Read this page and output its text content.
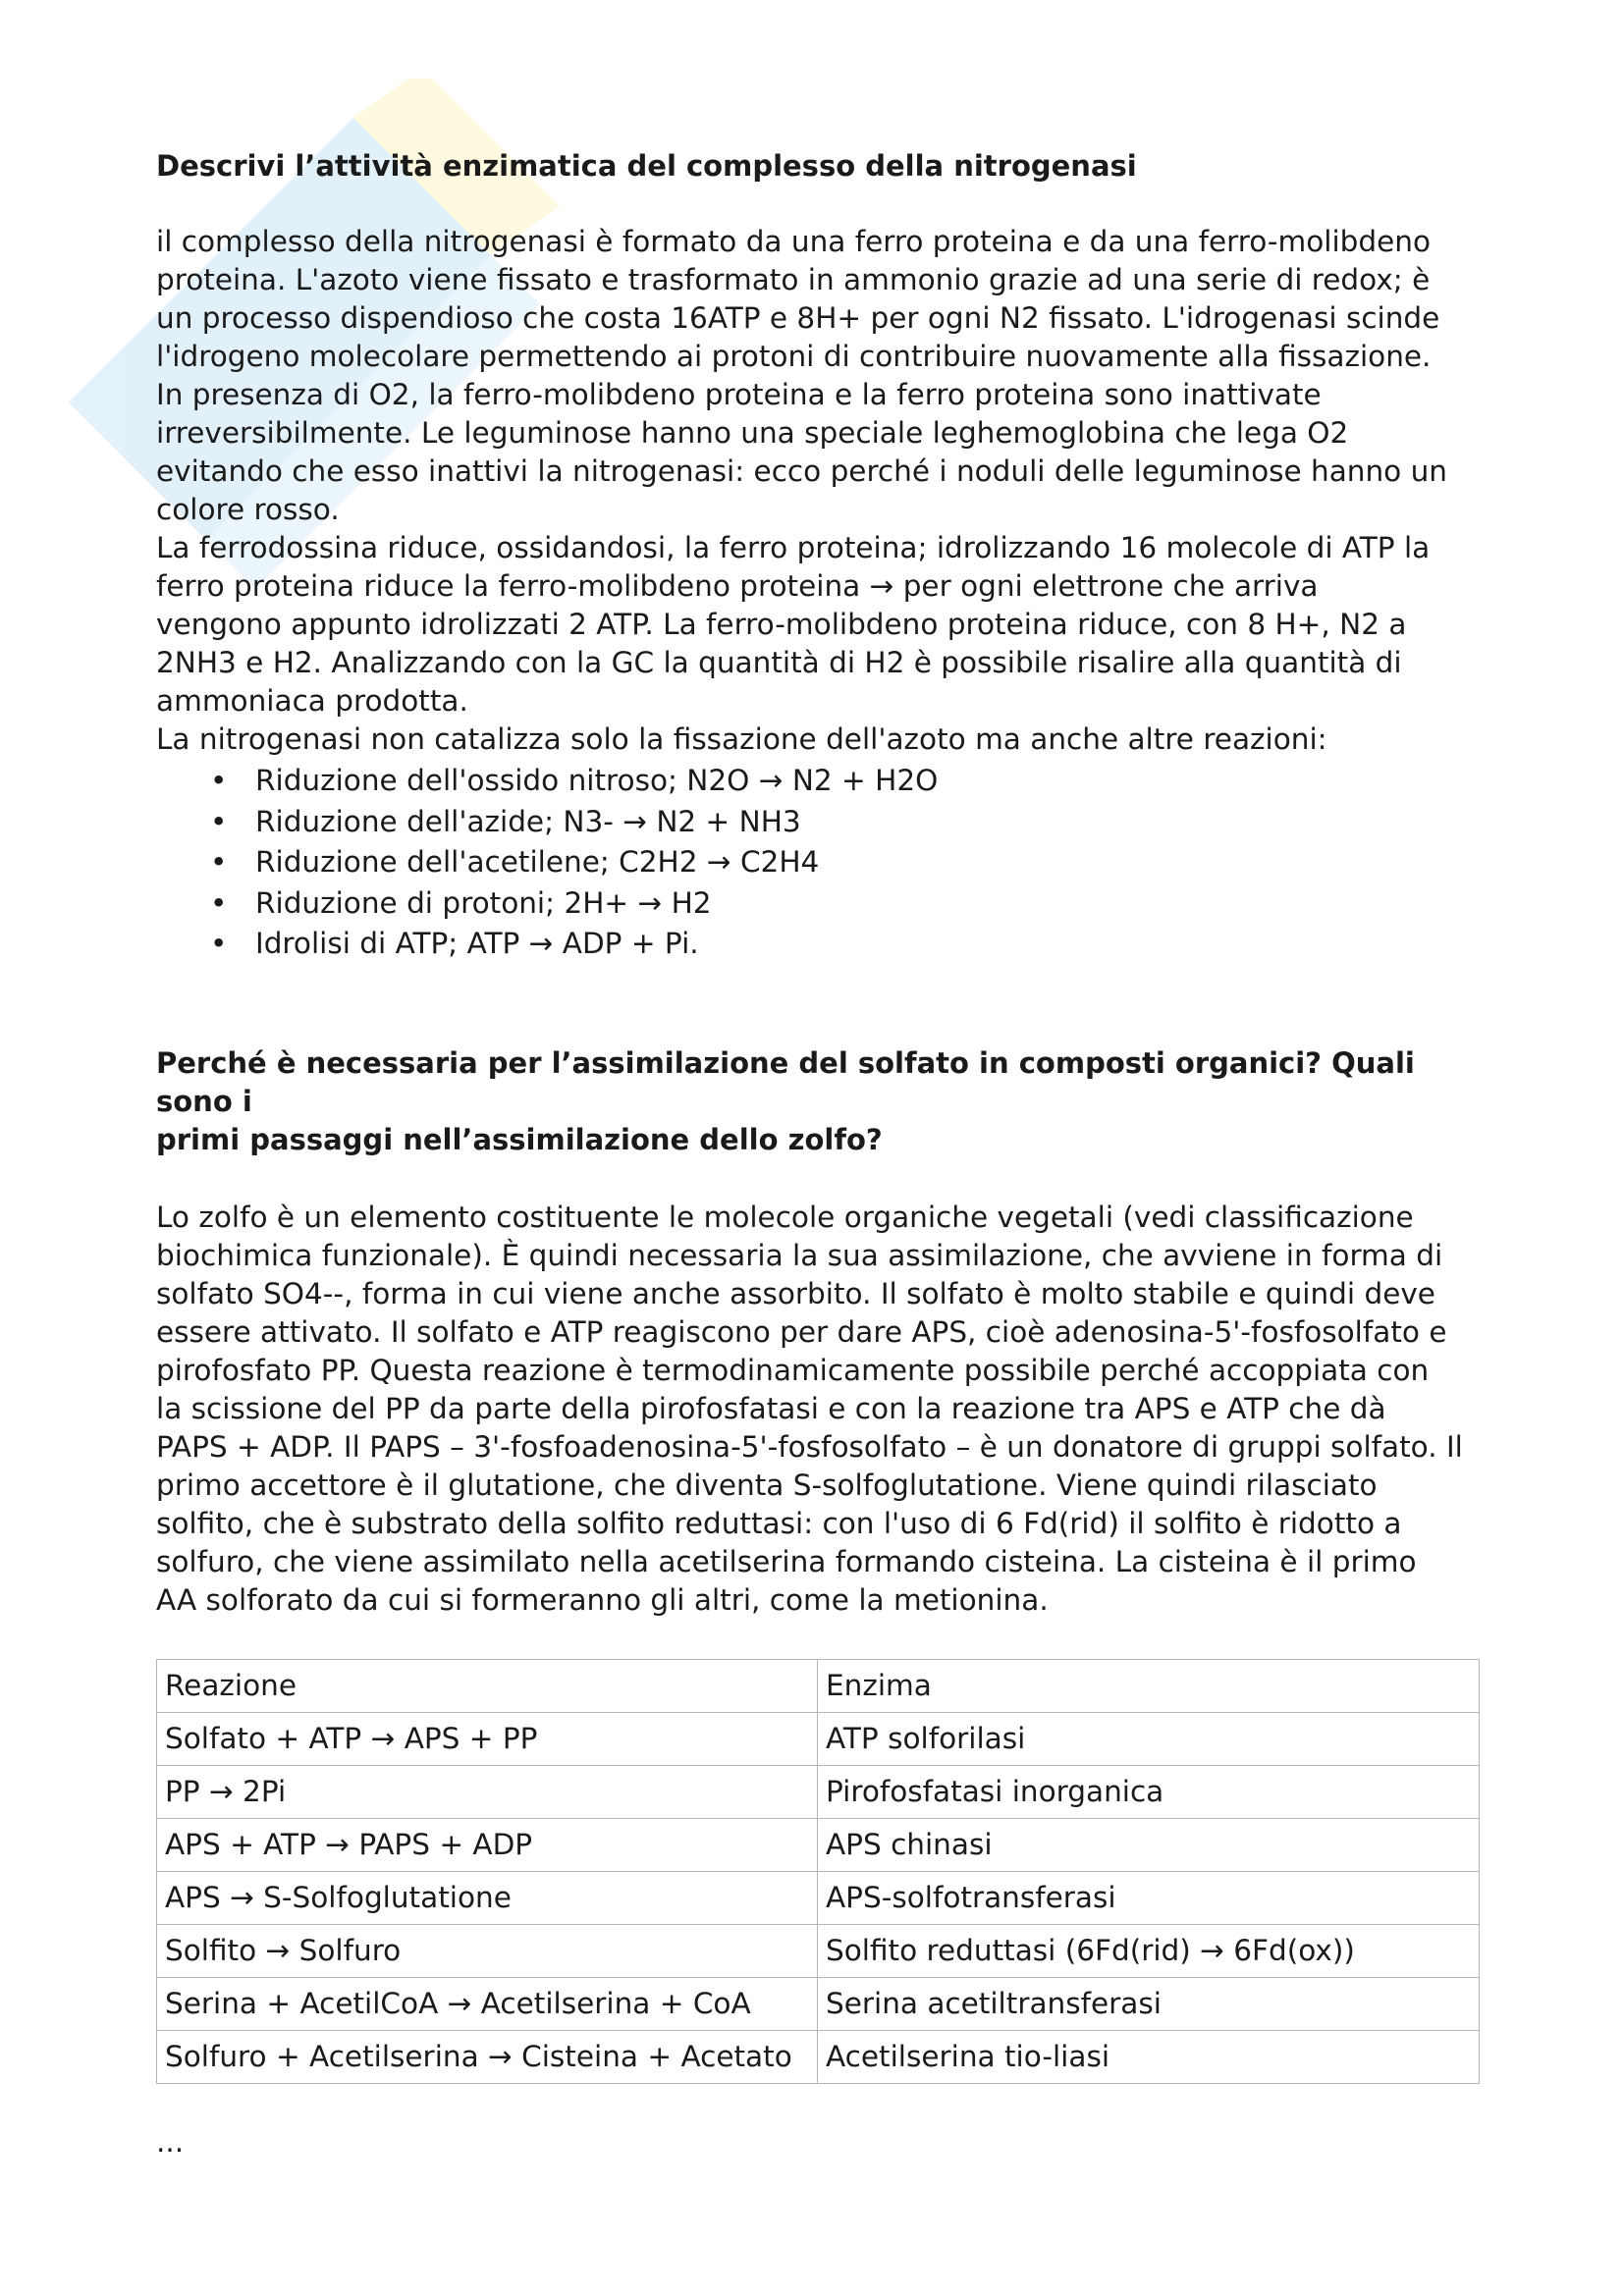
Descrivi l’attività enzimatica del complesso della nitrogenasi
il complesso della nitrogenasi è formato da una ferro proteina e da una ferro-molibdeno
proteina. L'azoto viene fissato e trasformato in ammonio grazie ad una serie di redox; è
un processo dispendioso che costa 16ATP e 8H+ per ogni N2 fissato. L'idrogenasi scinde
l'idrogeno molecolare permettendo ai protoni di contribuire nuovamente alla fissazione.
In presenza di O2, la ferro-molibdeno proteina e la ferro proteina sono inattivate
irreversibilmente. Le leguminose hanno una speciale leghemoglobina che lega O2
evitando che esso inattivi la nitrogenasi: ecco perché i noduli delle leguminose hanno un
colore rosso.
La ferrodossina riduce, ossidandosi, la ferro proteina; idrolizzando 16 molecole di ATP la
ferro proteina riduce la ferro-molibdeno proteina → per ogni elettrone che arriva
vengono appunto idrolizzati 2 ATP. La ferro-molibdeno proteina riduce, con 8 H+, N2 a
2NH3 e H2. Analizzando con la GC la quantità di H2 è possibile risalire alla quantità di
ammoniaca prodotta.
La nitrogenasi non catalizza solo la fissazione dell'azoto ma anche altre reazioni:
• Riduzione dell'ossido nitroso; N2O → N2 + H2O
• Riduzione dell'azide; N3- → N2 + NH3
• Riduzione dell'acetilene; C2H2 → C2H4
• Riduzione di protoni; 2H+ → H2
• Idrolisi di ATP; ATP → ADP + Pi.
Perché è necessaria per l’assimilazione del solfato in composti organici? Quali sono i
primi passaggi nell’assimilazione dello zolfo?
Lo zolfo è un elemento costituente le molecole organiche vegetali (vedi classificazione
biochimica funzionale). È quindi necessaria la sua assimilazione, che avviene in forma di
solfato SO4--, forma in cui viene anche assorbito. Il solfato è molto stabile e quindi deve
essere attivato. Il solfato e ATP reagiscono per dare APS, cioè adenosina-5'-fosfosolfato e
pirofosfato PP. Questa reazione è termodinamicamente possibile perché accoppiata con
la scissione del PP da parte della pirofosfatasi e con la reazione tra APS e ATP che dà
PAPS + ADP. Il PAPS – 3'-fosfoadenosina-5'-fosfosolfato – è un donatore di gruppi solfato. Il
primo accettore è il glutatione, che diventa S-solfoglutatione. Viene quindi rilasciato
solfito, che è substrato della solfito reduttasi: con l'uso di 6 Fd(rid) il solfito è ridotto a
solfuro, che viene assimilato nella acetilserina formando cisteina. La cisteina è il primo
AA solforato da cui si formeranno gli altri, come la metionina.
Reazione	Enzima
Solfato + ATP → APS + PP	ATP solforilasi
PP → 2Pi	Pirofosfatasi inorganica
APS + ATP → PAPS + ADP	APS chinasi
APS → S-Solfoglutatione	APS-solfotransferasi
Solfito → Solfuro	Solfito reduttasi (6Fd(rid) → 6Fd(ox))
Serina + AcetilCoA → Acetilserina + CoA	Serina acetiltransferasi
Solfuro + Acetilserina → Cisteina + Acetato	Acetilserina tio-liasi
...
